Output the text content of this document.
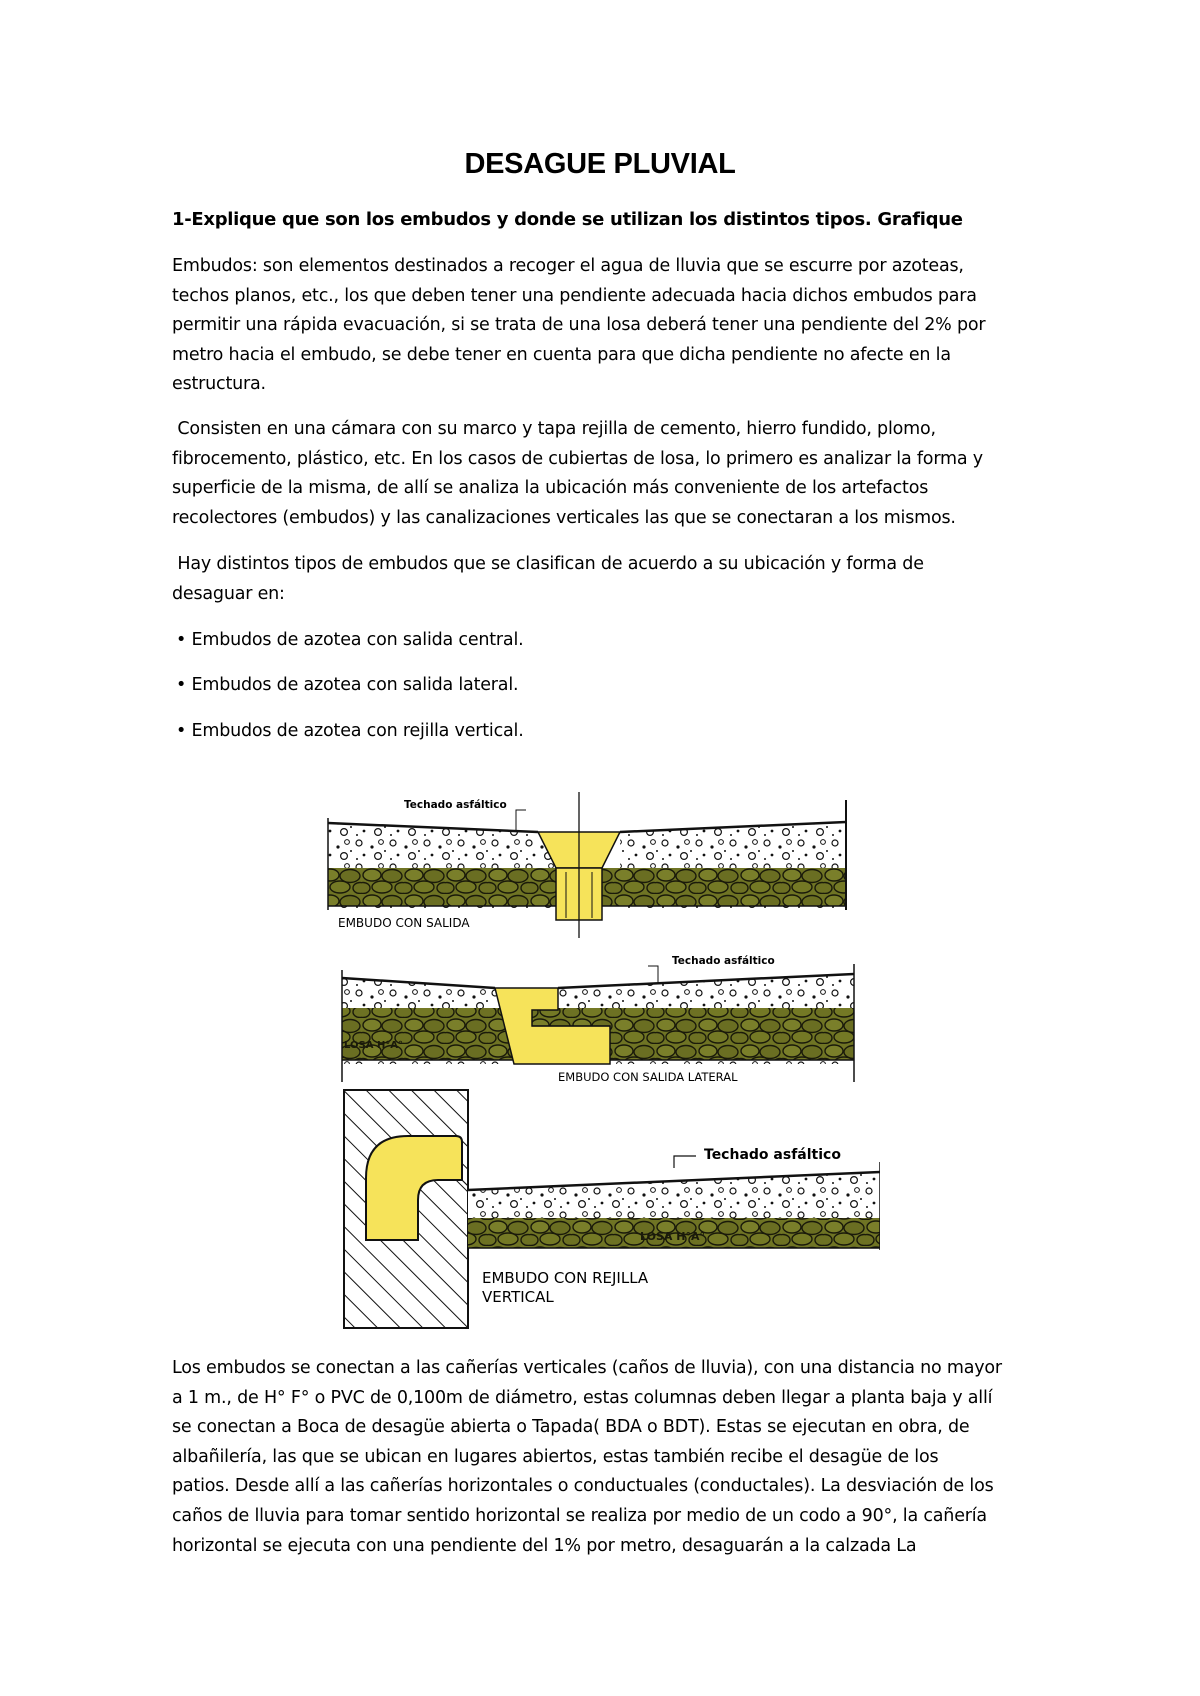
DESAGUE PLUVIAL
1-Explique que son los embudos y donde se utilizan los distintos tipos. Grafique
Embudos: son elementos destinados a recoger el agua de lluvia que se escurre por azoteas,
techos planos, etc., los que deben tener una pendiente adecuada hacia dichos embudos para
permitir una rápida evacuación, si se trata de una losa deberá tener una pendiente del 2% por
metro hacia el embudo, se debe tener en cuenta para que dicha pendiente no afecte en la
estructura.
Consisten en una cámara con su marco y tapa rejilla de cemento, hierro fundido, plomo,
fibrocemento, plástico, etc. En los casos de cubiertas de losa, lo primero es analizar la forma y
superficie de la misma, de allí se analiza la ubicación más conveniente de los artefactos
recolectores (embudos) y las canalizaciones verticales las que se conectaran a los mismos.
Hay distintos tipos de embudos que se clasifican de acuerdo a su ubicación y forma de
desaguar en:
• Embudos de azotea con salida central.
• Embudos de azotea con salida lateral.
• Embudos de azotea con rejilla vertical.
Techado asfáltico
EMBUDO CON SALIDA
Techado asfáltico
LOSA H°A°
EMBUDO CON SALIDA LATERAL
Techado asfáltico
LOSA H°A°
EMBUDO CON REJILLA
VERTICAL
Los embudos se conectan a las cañerías verticales (caños de lluvia), con una distancia no mayor
a 1 m., de H° F° o PVC de 0,100m de diámetro, estas columnas deben llegar a planta baja y allí
se conectan a Boca de desagüe abierta o Tapada( BDA o BDT). Estas se ejecutan en obra, de
albañilería, las que se ubican en lugares abiertos, estas también recibe el desagüe de los
patios. Desde allí a las cañerías horizontales o conductuales (conductales). La desviación de los
caños de lluvia para tomar sentido horizontal se realiza por medio de un codo a 90°, la cañería
horizontal se ejecuta con una pendiente del 1% por metro, desaguarán a la calzada La
